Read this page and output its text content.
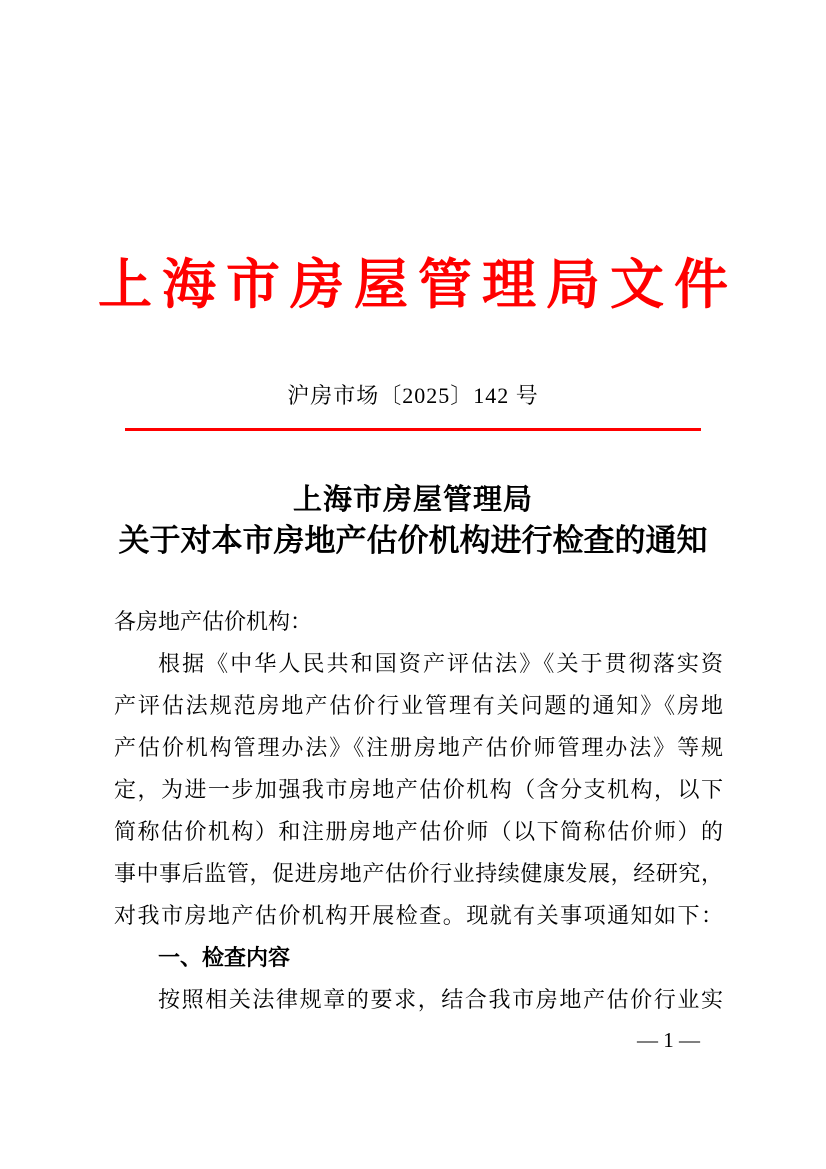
上海市房屋管理局文件
沪房市场〔2025〕142 号
上海市房屋管理局
关于对本市房地产估价机构进行检查的通知
各房地产估价机构：
根据《中华人民共和国资产评估法》《关于贯彻落实资
产评估法规范房地产估价行业管理有关问题的通知》《房地
产估价机构管理办法》《注册房地产估价师管理办法》等规
定，为进一步加强我市房地产估价机构（含分支机构，以下
简称估价机构）和注册房地产估价师（以下简称估价师）的
事中事后监管，促进房地产估价行业持续健康发展，经研究，
对我市房地产估价机构开展检查。现就有关事项通知如下：
一、检查内容
按照相关法律规章的要求，结合我市房地产估价行业实
— 1 —
